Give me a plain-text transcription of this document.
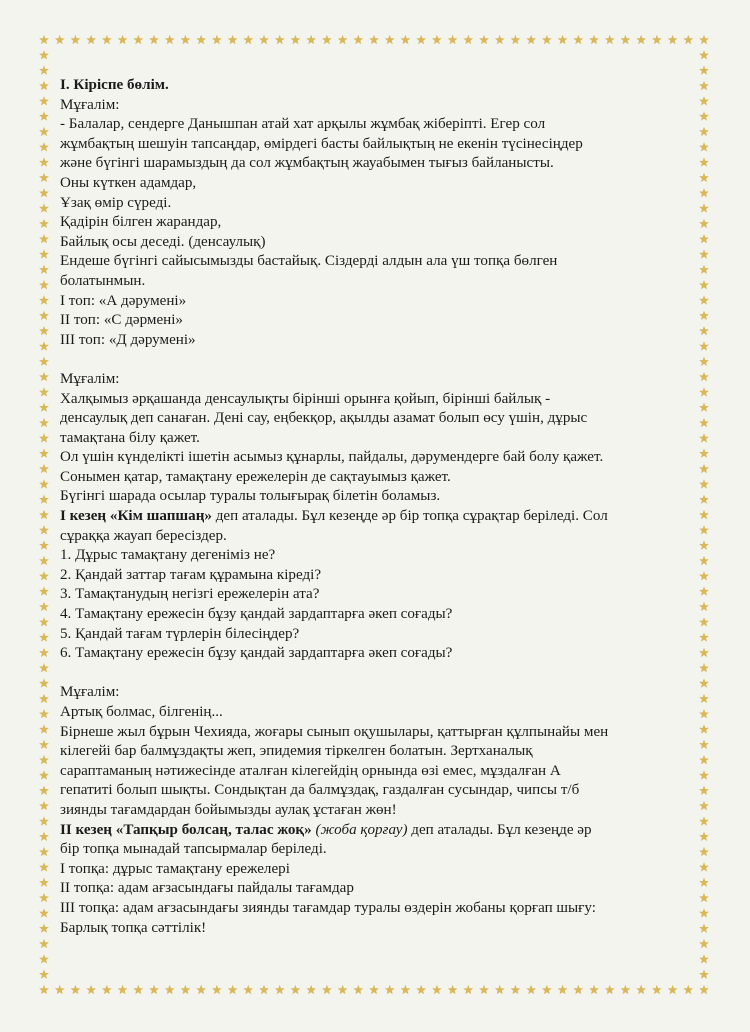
I. Кіріспе бөлім.

Мұғалім:

- Балалар, сендерге Данышпан атай хат арқылы жұмбақ жіберіпті. Егер сол

жұмбақтың шешуін тапсаңдар, өмірдегі басты байлықтың не екенін түсінесіңдер

және бүгінгі шарамыздың да сол жұмбақтың жауабымен тығыз байланысты.

Оны күткен адамдар,

Ұзақ өмір сүреді.

Қадірін білген жарандар,

Байлық осы деседі. (денсаулық)

Ендеше бүгінгі сайысымызды бастайық. Сіздерді алдын ала үш топқа бөлген

болатынмын.

I топ: «А дәрумені»

II топ: «С дәрмені»

III топ: «Д дәрумені»

Мұғалім:

Халқымыз әрқашанда денсаулықты бірінші орынға қойып, бірінші байлық -

денсаулық деп санаған. Дені сау, еңбекқор, ақылды азамат болып өсу үшін, дұрыс

тамақтана білу қажет.

Ол үшін күнделікті ішетін асымыз құнарлы, пайдалы, дәрумендерге бай болу қажет.

Сонымен қатар, тамақтану ережелерін де сақтауымыз қажет.

Бүгінгі шарада осылар туралы толығырақ білетін боламыз.

I кезең «Кім шапшаң» деп аталады. Бұл кезеңде әр бір топқа сұрақтар беріледі. Сол

сұраққа жауап бересіздер.

1. Дұрыс тамақтану дегеніміз не?

2. Қандай заттар тағам құрамына кіреді?

3. Тамақтанудың негізгі ережелерін ата?

4. Тамақтану ережесін бұзу қандай зардаптарға әкеп соғады?

5. Қандай тағам түрлерін білесіңдер?

6. Тамақтану ережесін бұзу қандай зардаптарға әкеп соғады?

Мұғалім:

Артық болмас, білгенің...

Бірнеше жыл бұрын Чехияда, жоғары сынып оқушылары, қаттырған құлпынайы мен

кілегейі бар балмұздақты жеп, эпидемия тіркелген болатын. Зертханалық

сараптаманың нәтижесінде аталған кілегейдің орнында өзі емес, мұздалған А

гепатиті болып шықты. Сондықтан да балмұздақ, газдалған сусындар, чипсы т/б

зиянды тағамдардан бойымызды аулақ ұстаған жөн!

II кезең «Тапқыр болсаң, талас жоқ» (жоба қорғау) деп аталады. Бұл кезеңде әр

бір топқа мынадай тапсырмалар беріледі.

I топқа: дұрыс тамақтану ережелері

II топқа: адам ағзасындағы пайдалы тағамдар

III топқа: адам ағзасындағы зиянды тағамдар туралы өздерін жобаны қорғап шығу:

Барлық топқа сәттілік!
